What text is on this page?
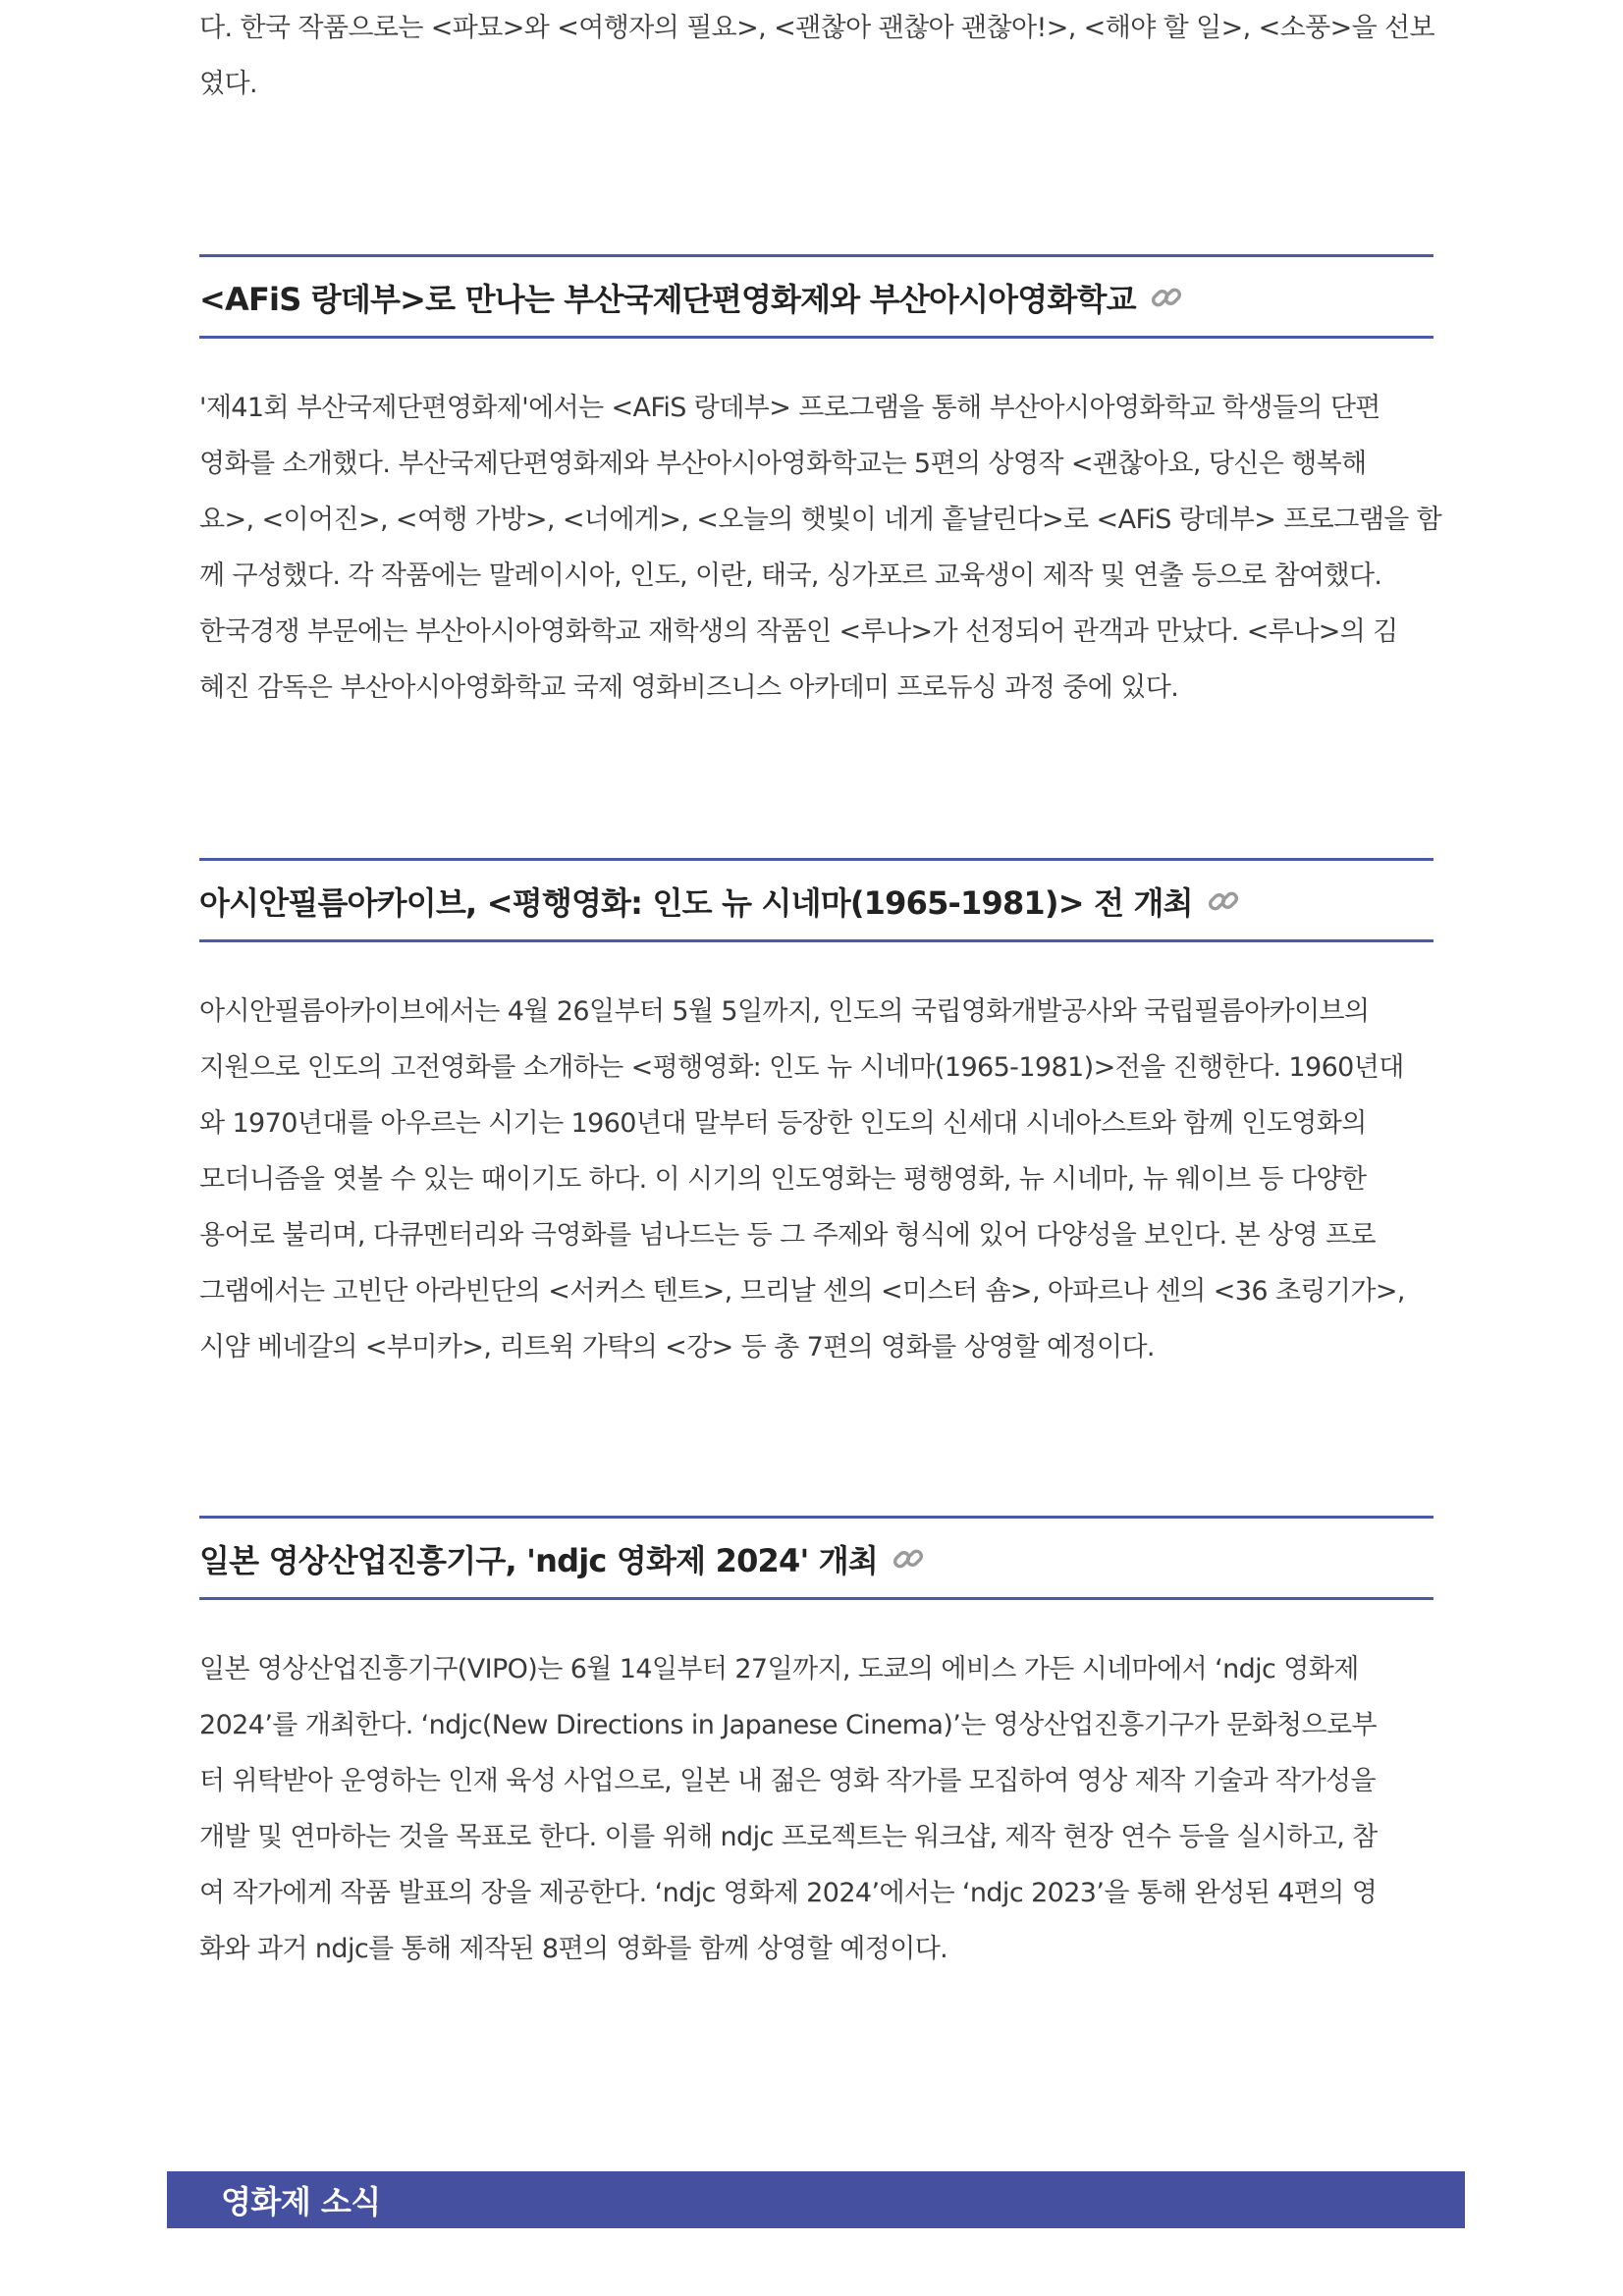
다. 한국 작품으로는 <파묘>와 <여행자의 필요>, <괜찮아 괜찮아 괜찮아!>, <해야 할 일>, <소풍>을 선보
였다.

<AFiS 랑데부>로 만나는 부산국제단편영화제와 부산아시아영화학교

'제41회 부산국제단편영화제'에서는 <AFiS 랑데부> 프로그램을 통해 부산아시아영화학교 학생들의 단편
영화를 소개했다. 부산국제단편영화제와 부산아시아영화학교는 5편의 상영작 <괜찮아요, 당신은 행복해
요>, <이어진>, <여행 가방>, <너에게>, <오늘의 햇빛이 네게 흩날린다>로 <AFiS 랑데부> 프로그램을 함
께 구성했다. 각 작품에는 말레이시아, 인도, 이란, 태국, 싱가포르 교육생이 제작 및 연출 등으로 참여했다.
한국경쟁 부문에는 부산아시아영화학교 재학생의 작품인 <루나>가 선정되어 관객과 만났다. <루나>의 김
혜진 감독은 부산아시아영화학교 국제 영화비즈니스 아카데미 프로듀싱 과정 중에 있다.

아시안필름아카이브, <평행영화: 인도 뉴 시네마(1965-1981)> 전 개최

아시안필름아카이브에서는 4월 26일부터 5월 5일까지, 인도의 국립영화개발공사와 국립필름아카이브의
지원으로 인도의 고전영화를 소개하는 <평행영화: 인도 뉴 시네마(1965-1981)>전을 진행한다. 1960년대
와 1970년대를 아우르는 시기는 1960년대 말부터 등장한 인도의 신세대 시네아스트와 함께 인도영화의
모더니즘을 엿볼 수 있는 때이기도 하다. 이 시기의 인도영화는 평행영화, 뉴 시네마, 뉴 웨이브 등 다양한
용어로 불리며, 다큐멘터리와 극영화를 넘나드는 등 그 주제와 형식에 있어 다양성을 보인다. 본 상영 프로
그램에서는 고빈단 아라빈단의 <서커스 텐트>, 므리날 센의 <미스터 숌>, 아파르나 센의 <36 초링기가>,
시얌 베네갈의 <부미카>, 리트윅 가탁의 <강> 등 총 7편의 영화를 상영할 예정이다.

일본 영상산업진흥기구, 'ndjc 영화제 2024' 개최

일본 영상산업진흥기구(VIPO)는 6월 14일부터 27일까지, 도쿄의 에비스 가든 시네마에서 ‘ndjc 영화제
2024’를 개최한다. ‘ndjc(New Directions in Japanese Cinema)’는 영상산업진흥기구가 문화청으로부
터 위탁받아 운영하는 인재 육성 사업으로, 일본 내 젊은 영화 작가를 모집하여 영상 제작 기술과 작가성을
개발 및 연마하는 것을 목표로 한다. 이를 위해 ndjc 프로젝트는 워크샵, 제작 현장 연수 등을 실시하고, 참
여 작가에게 작품 발표의 장을 제공한다. ‘ndjc 영화제 2024’에서는 ‘ndjc 2023’을 통해 완성된 4편의 영
화와 과거 ndjc를 통해 제작된 8편의 영화를 함께 상영할 예정이다.

영화제 소식
